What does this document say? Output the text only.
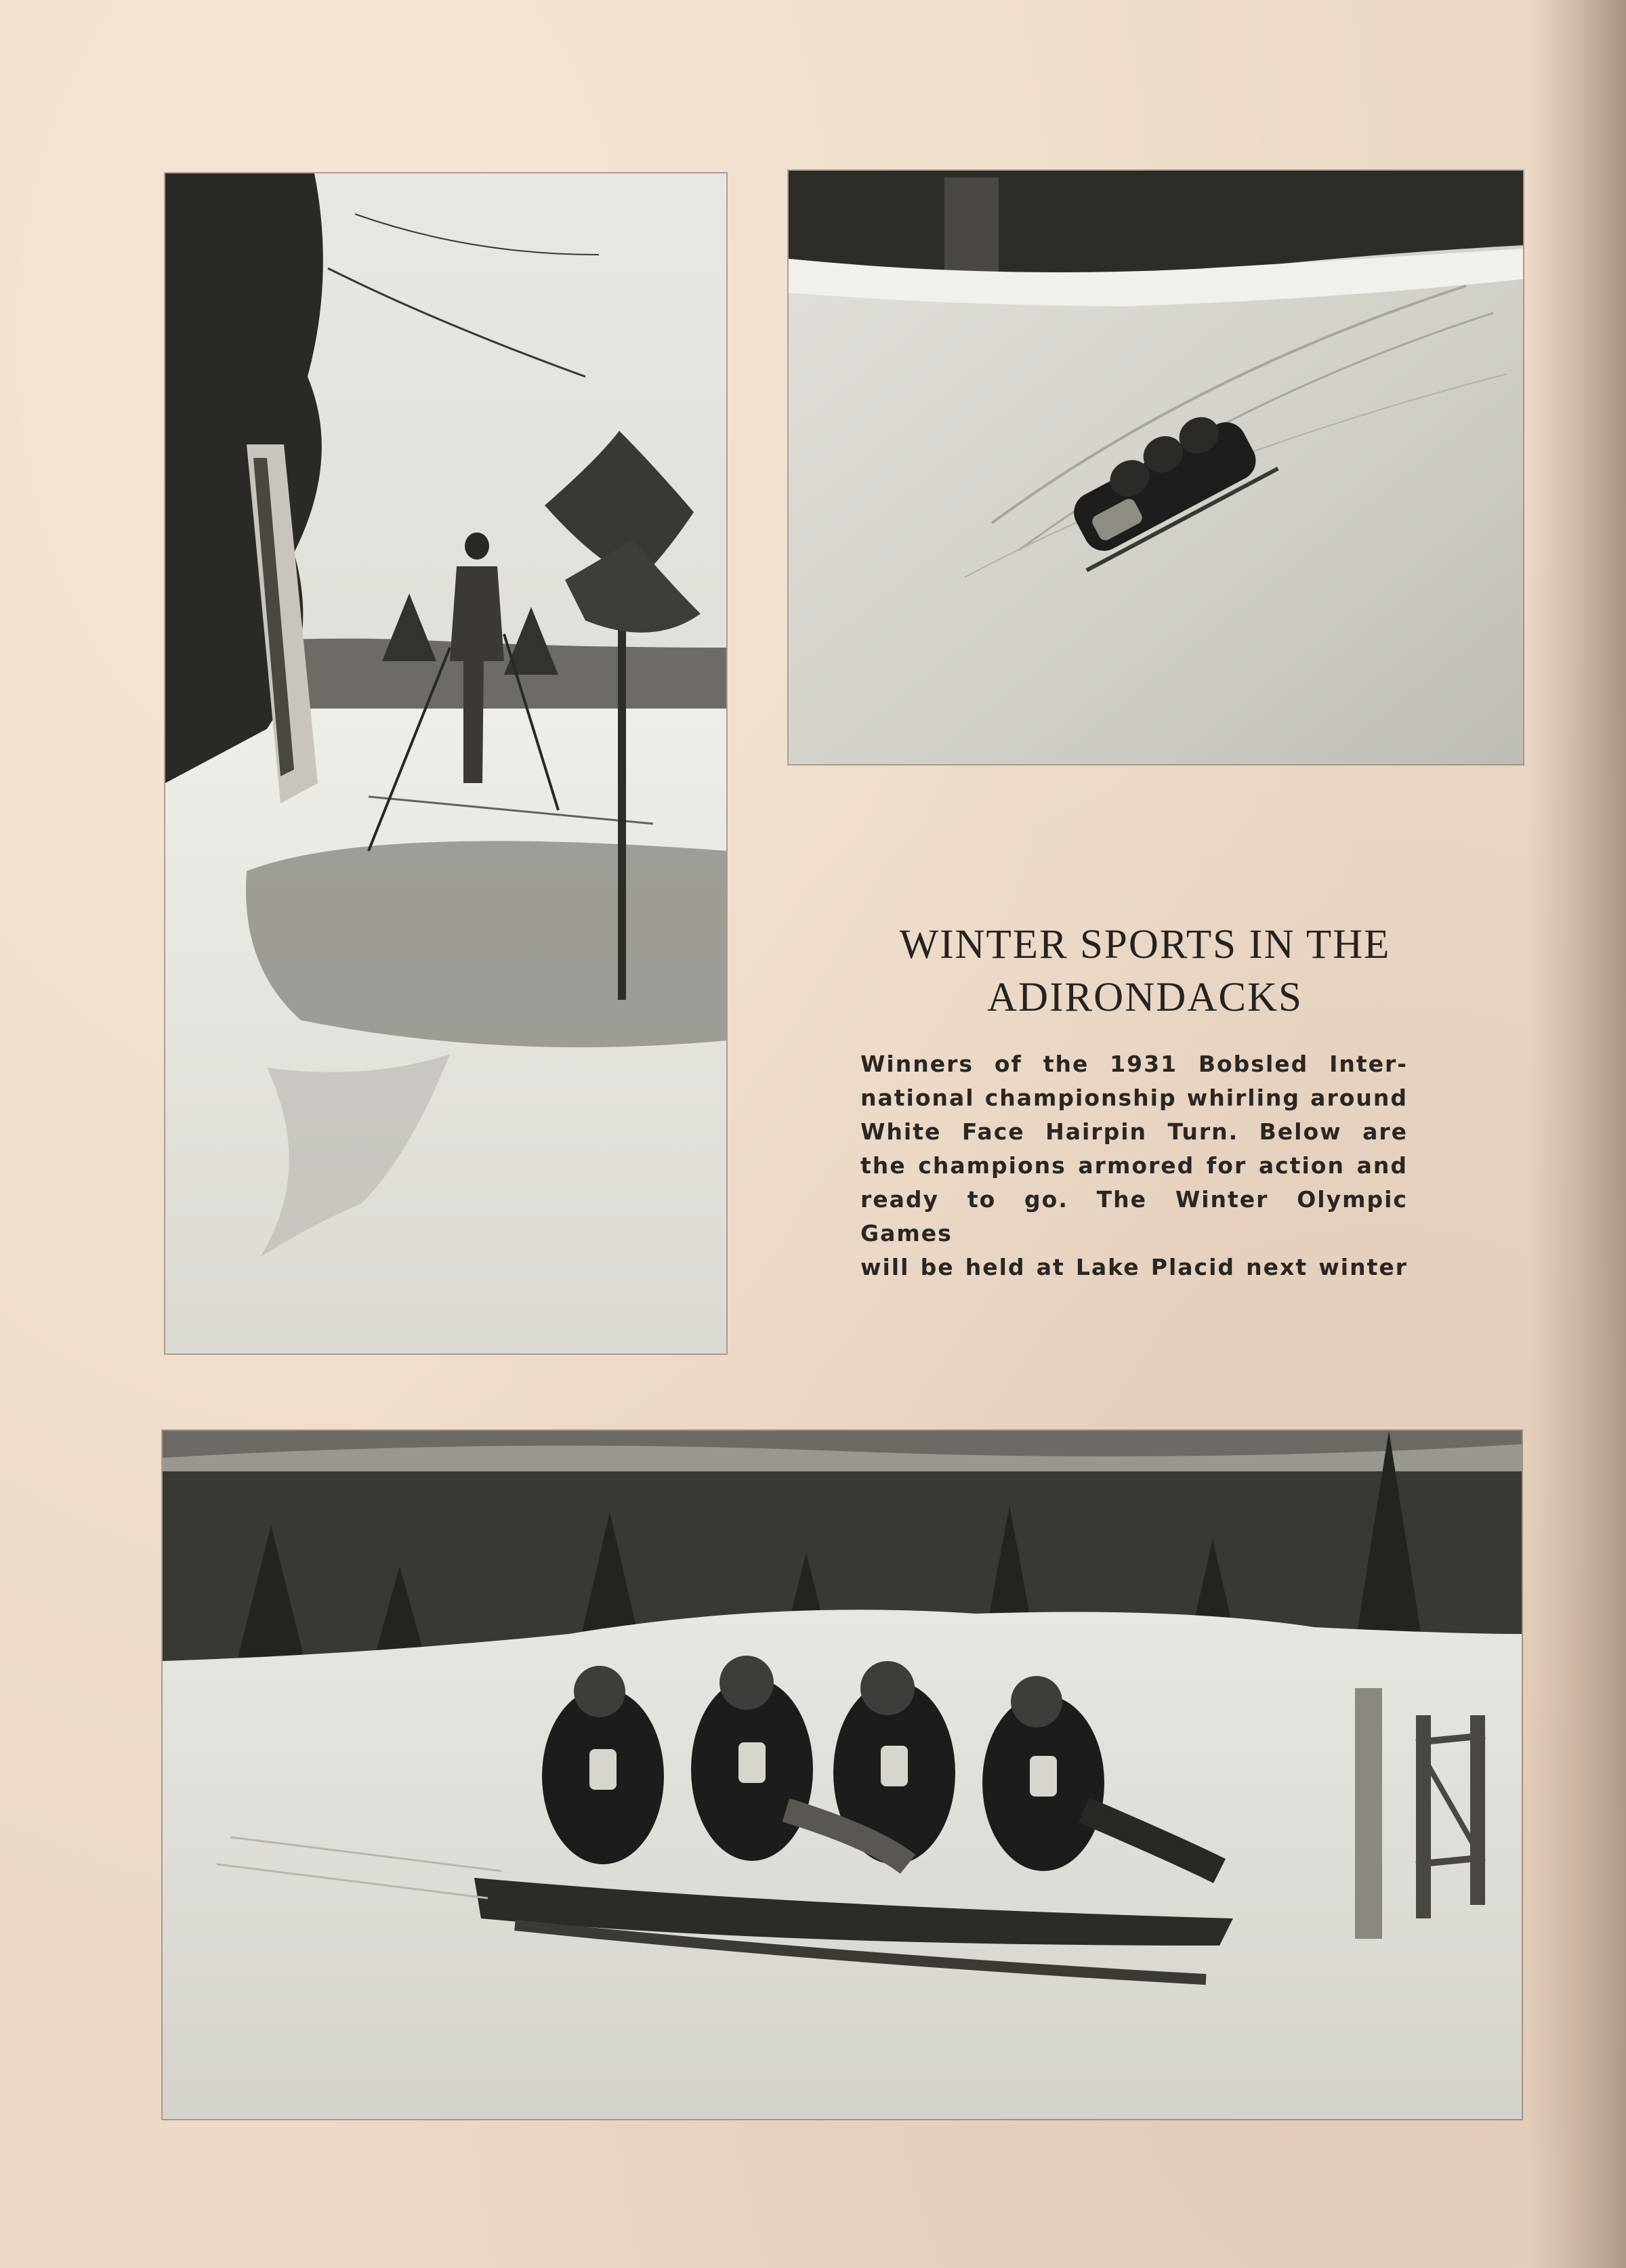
WINTER SPORTS IN THE
ADIRONDACKS
Winners of the 1931 Bobsled Inter-
national championship whirling around
White Face Hairpin Turn. Below are
the champions armored for action and
ready to go. The Winter Olympic Games
will be held at Lake Placid next winter
